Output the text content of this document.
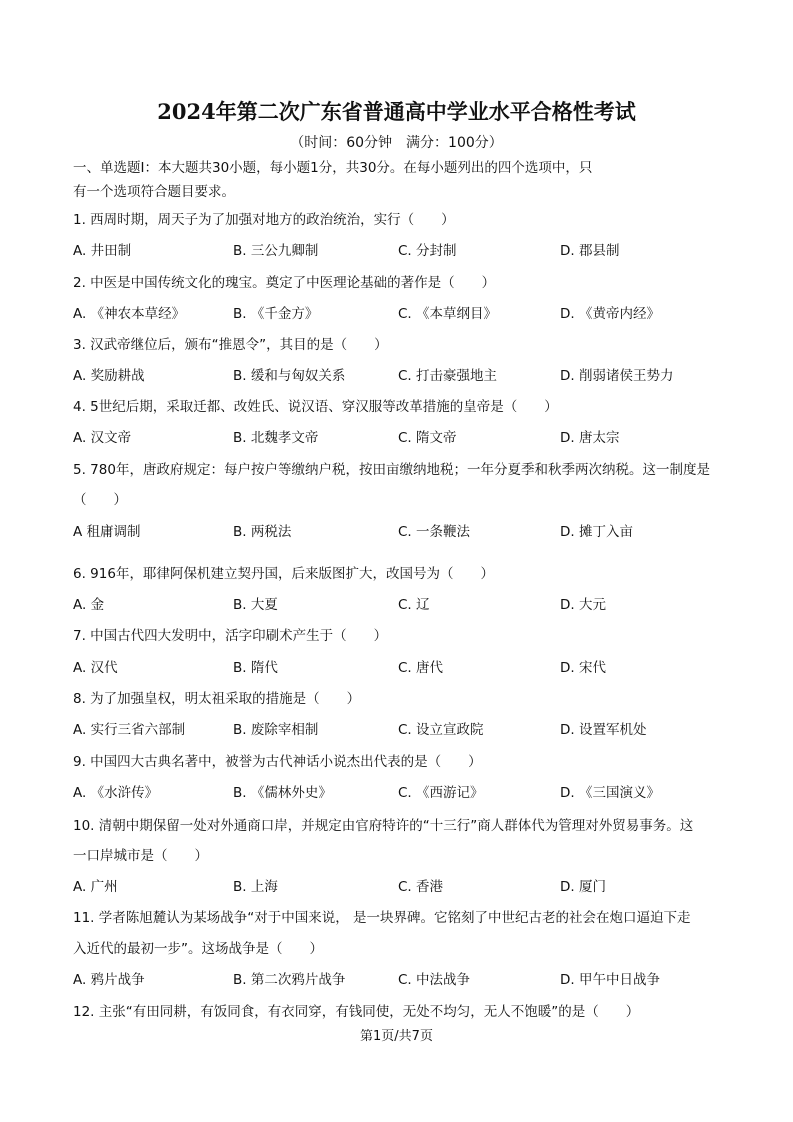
2024年第二次广东省普通高中学业水平合格性考试
（时间：60分钟　满分：100分）
一、单选题Ⅰ：本大题共30小题，每小题1分，共30分。在每小题列出的四个选项中，只
有一个选项符合题目要求。
1. 西周时期，周天子为了加强对地方的政治统治，实行（　　）
A. 井田制	B. 三公九卿制	C. 分封制	D. 郡县制
2. 中医是中国传统文化的瑰宝。奠定了中医理论基础的著作是（　　）
A. 《神农本草经》	B. 《千金方》	C. 《本草纲目》	D. 《黄帝内经》
3. 汉武帝继位后，颁布“推恩令”，其目的是（　　）
A. 奖励耕战	B. 缓和与匈奴关系	C. 打击豪强地主	D. 削弱诸侯王势力
4. 5世纪后期，采取迁都、改姓氏、说汉语、穿汉服等改革措施的皇帝是（　　）
A. 汉文帝	B. 北魏孝文帝	C. 隋文帝	D. 唐太宗
5. 780年，唐政府规定：每户按户等缴纳户税，按田亩缴纳地税；一年分夏季和秋季两次纳税。这一制度是
（　　）
A 租庸调制	B. 两税法	C. 一条鞭法	D. 摊丁入亩
6. 916年，耶律阿保机建立契丹国，后来版图扩大，改国号为（　　）
A. 金	B. 大夏	C. 辽	D. 大元
7. 中国古代四大发明中，活字印刷术产生于（　　）
A. 汉代	B. 隋代	C. 唐代	D. 宋代
8. 为了加强皇权，明太祖采取的措施是（　　）
A. 实行三省六部制	B. 废除宰相制	C. 设立宣政院	D. 设置军机处
9. 中国四大古典名著中，被誉为古代神话小说杰出代表的是（　　）
A. 《水浒传》	B. 《儒林外史》	C. 《西游记》	D. 《三国演义》
10. 清朝中期保留一处对外通商口岸，并规定由官府特许的“十三行”商人群体代为管理对外贸易事务。这
一口岸城市是（　　）
A. 广州	B. 上海	C. 香港	D. 厦门
11. 学者陈旭麓认为某场战争“对于中国来说， 是一块界碑。它铭刻了中世纪古老的社会在炮口逼迫下走
入近代的最初一步”。这场战争是（　　）
A. 鸦片战争	B. 第二次鸦片战争	C. 中法战争	D. 甲午中日战争
12. 主张“有田同耕，有饭同食，有衣同穿，有钱同使，无处不均匀，无人不饱暖”的是（　　）
第1页/共7页
